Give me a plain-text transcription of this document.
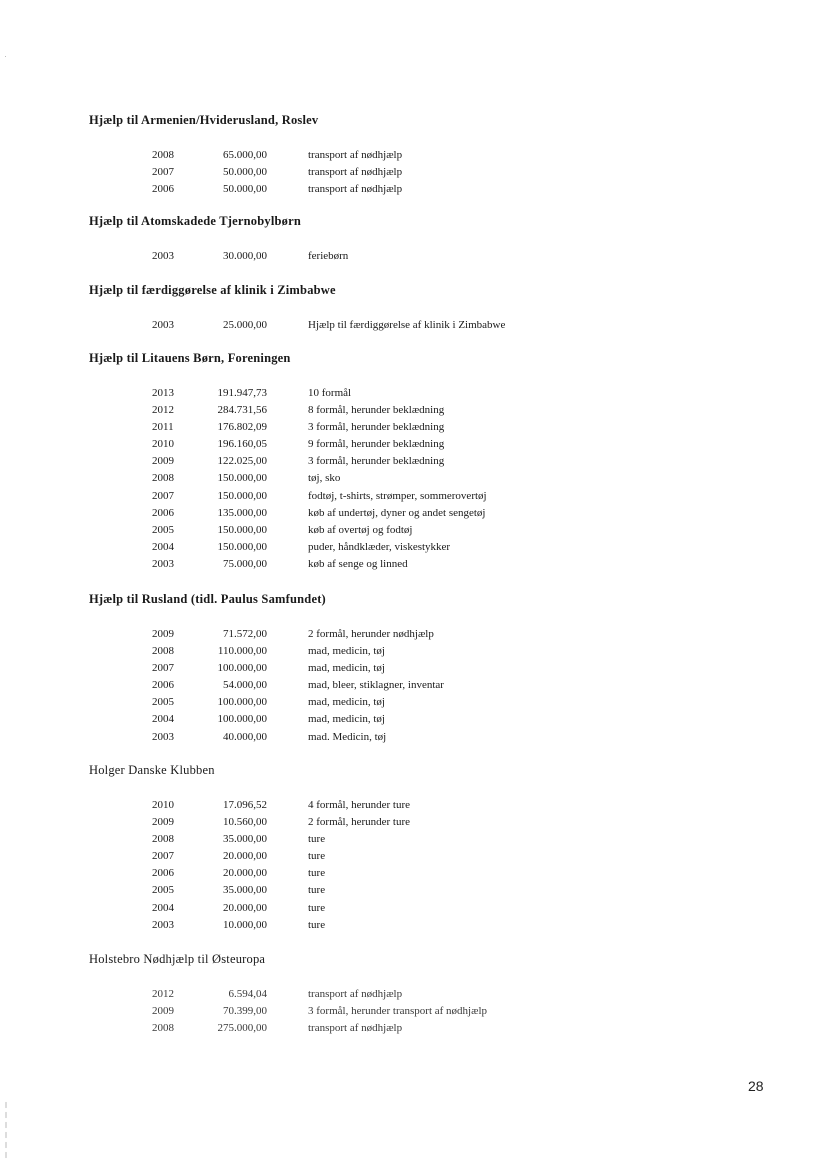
Hjælp til Armenien/Hviderusland, Roslev
2008	65.000,00	transport af nødhjælp
2007	50.000,00	transport af nødhjælp
2006	50.000,00	transport af nødhjælp
Hjælp til Atomskadede Tjernobylbørn
2003	30.000,00	feriebørn
Hjælp til færdiggørelse af klinik i Zimbabwe
2003	25.000,00	Hjælp til færdiggørelse af klinik i Zimbabwe
Hjælp til Litauens Børn, Foreningen
2013	191.947,73	10 formål
2012	284.731,56	8 formål, herunder beklædning
2011	176.802,09	3 formål, herunder beklædning
2010	196.160,05	9 formål, herunder beklædning
2009	122.025,00	3 formål, herunder beklædning
2008	150.000,00	tøj, sko
2007	150.000,00	fodtøj, t-shirts, strømper, sommerovertøj
2006	135.000,00	køb af undertøj, dyner og andet sengetøj
2005	150.000,00	køb af overtøj og fodtøj
2004	150.000,00	puder, håndklæder, viskestykker
2003	75.000,00	køb af senge og linned
Hjælp til Rusland (tidl. Paulus Samfundet)
2009	71.572,00	2 formål, herunder nødhjælp
2008	110.000,00	mad, medicin, tøj
2007	100.000,00	mad, medicin, tøj
2006	54.000,00	mad, bleer, stiklagner, inventar
2005	100.000,00	mad, medicin, tøj
2004	100.000,00	mad, medicin, tøj
2003	40.000,00	mad. Medicin, tøj
Holger Danske Klubben
2010	17.096,52	4 formål, herunder ture
2009	10.560,00	2 formål, herunder ture
2008	35.000,00	ture
2007	20.000,00	ture
2006	20.000,00	ture
2005	35.000,00	ture
2004	20.000,00	ture
2003	10.000,00	ture
Holstebro Nødhjælp til Østeuropa
2012	6.594,04	transport af nødhjælp
2009	70.399,00	3 formål, herunder transport af nødhjælp
2008	275.000,00	transport af nødhjælp
28
